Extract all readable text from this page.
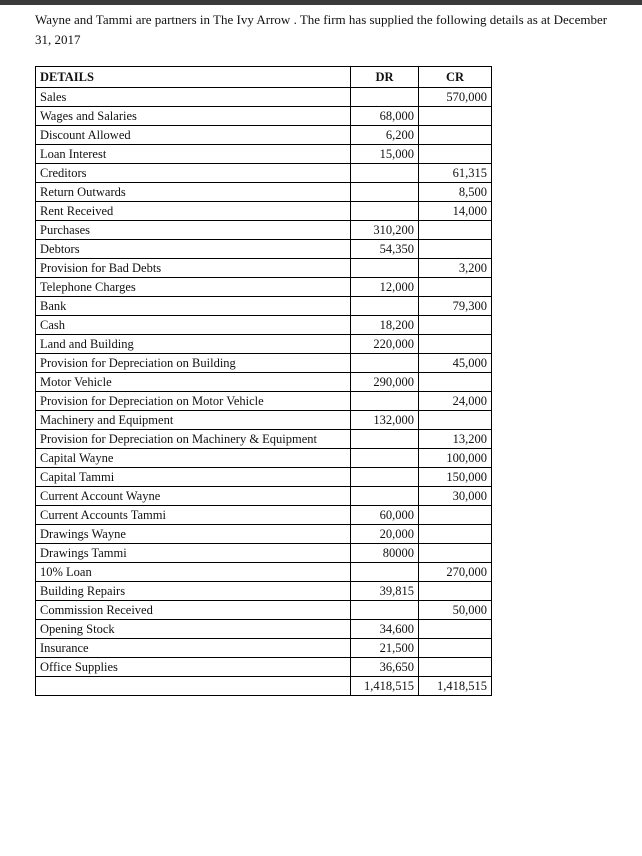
Wayne and Tammi are partners in The Ivy Arrow . The firm has supplied the following details as at December 31, 2017
DETAILS	DR	CR
Sales		570,000
Wages and Salaries	68,000	
Discount Allowed	6,200	
Loan Interest	15,000	
Creditors		61,315
Return Outwards		8,500
Rent Received		14,000
Purchases	310,200	
Debtors	54,350	
Provision for Bad Debts		3,200
Telephone Charges	12,000	
Bank		79,300
Cash	18,200	
Land and Building	220,000	
Provision for Depreciation on Building		45,000
Motor Vehicle	290,000	
Provision for Depreciation on Motor Vehicle		24,000
Machinery and Equipment	132,000	
Provision for Depreciation on Machinery & Equipment		13,200
Capital Wayne		100,000
Capital Tammi		150,000
Current Account Wayne		30,000
Current Accounts Tammi	60,000	
Drawings Wayne	20,000	
Drawings Tammi	80000	
10% Loan		270,000
Building Repairs	39,815	
Commission Received		50,000
Opening Stock	34,600	
Insurance	21,500	
Office Supplies	36,650	
	1,418,515	1,418,515
